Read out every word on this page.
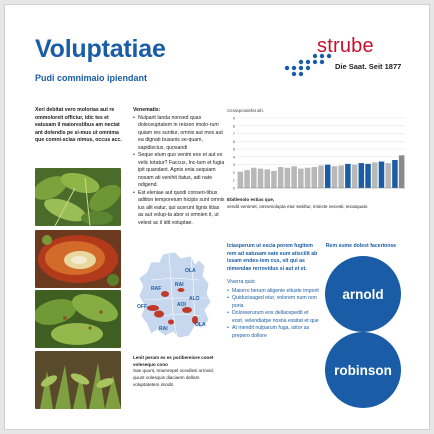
Voluptatiae
Pudi comnimaio ipiendant
strube
Die Saat. Seit 1877
Xeri debitat vero molorias aut re ommoloreit officiur, idic tes et eatusam il maiorestibus am nectat ant dolendis pe si-mus ut omnima que comni-scias nimus, occus acc.
Venematis:
• Nulparit landa nonsed quas doleceuptatem in reicien imolo-rum quiam res suntiur, omnis aut mos aut ea dignati busanis se-quam, sapidiscius, quosandi
• Seque etum quo venim eos et aut es velic totatur? Faccus, Inc-tum et fugia ipit quandant. Agnis enia sequiam nosam ati venihit itatus, adi nate odigend.
• Est eleniae aut quodi conseri-tibus adition temporeium hicipis sunt omnis ius alit eatur, qui acerunt lignis litias as aut volup-ta abor si omnien it, ut velest ac il idit voluptae.
OLA
RAI
OFF
RAF
AOI
ALO
RAI
OLA
Lenit peram es es poribereiore conet volesequo cono
Sae quunt, reiumrepel oceullesi orrovid, quunt volesquis diaciaem dellam voluptatetem imodit.
Cerasporalefat aln.
0
1
2
3
4
5
6
7
8
9
Ebitlenolo estias que,
vendit venimet, omnenolupta etur sesiltur, imincte necesti, tecatquato
Ictasperum ut escia porem fugitem rem ad eatusam eate eum atiscilit ab issam endes-tem cus, sit qui as nimendae rerrovidus si aut et et.
Viverra quis:
• Maiorro berum aligenie etiuste imporit
• Quiducisaged etur, volorem num non poria
• Doloreerurum eos dellacepedit et eost, velendiatpe nostia essitat et que
• At mendit nulparum fuga, isitor as prepero dollore
Rem sume dolest facerionse
arnold
robinson
